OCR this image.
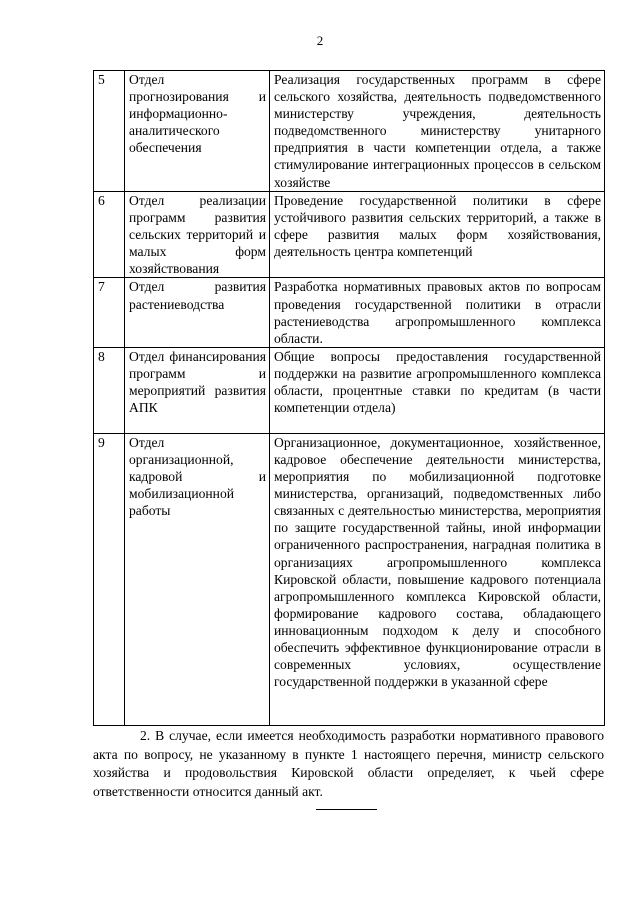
2
5	Отдел прогнозирования и информационно-аналитического обеспечения	Реализация государственных программ в сфере сельского хозяйства, деятельность подведомственного министерству учреждения, деятельность подведомственного министерству унитарного предприятия в части компетенции отдела, а также стимулирование интеграционных процессов в сельском хозяйстве
6	Отдел реализации программ развития сельских территорий и малых форм хозяйствования	Проведение государственной политики в сфере устойчивого развития сельских территорий, а также в сфере развития малых форм хозяйствования, деятельность центра компетенций
7	Отдел развития растениеводства	Разработка нормативных правовых актов по вопросам проведения государственной политики в отрасли растениеводства агропромышленного комплекса области.
8	Отдел финансирования программ и мероприятий развития АПК	Общие вопросы предоставления государственной поддержки на развитие агропромышленного комплекса области, процентные ставки по кредитам (в части компетенции отдела)
9	Отдел организационной, кадровой и мобилизационной работы	Организационное, документационное, хозяйственное, кадровое обеспечение деятельности министерства, мероприятия по мобилизационной подготовке министерства, организаций, подведомственных либо связанных с деятельностью министерства, мероприятия по защите государственной тайны, иной информации ограниченного распространения, наградная политика в организациях агропромышленного комплекса Кировской области, повышение кадрового потенциала агропромышленного комплекса Кировской области, формирование кадрового состава, обладающего инновационным подходом к делу и способного обеспечить эффективное функционирование отрасли в современных условиях, осуществление государственной поддержки в указанной сфере
2. В случае, если имеется необходимость разработки нормативного правового акта по вопросу, не указанному в пункте 1 настоящего перечня, министр сельского хозяйства и продовольствия Кировской области определяет, к чьей сфере ответственности относится данный акт.
